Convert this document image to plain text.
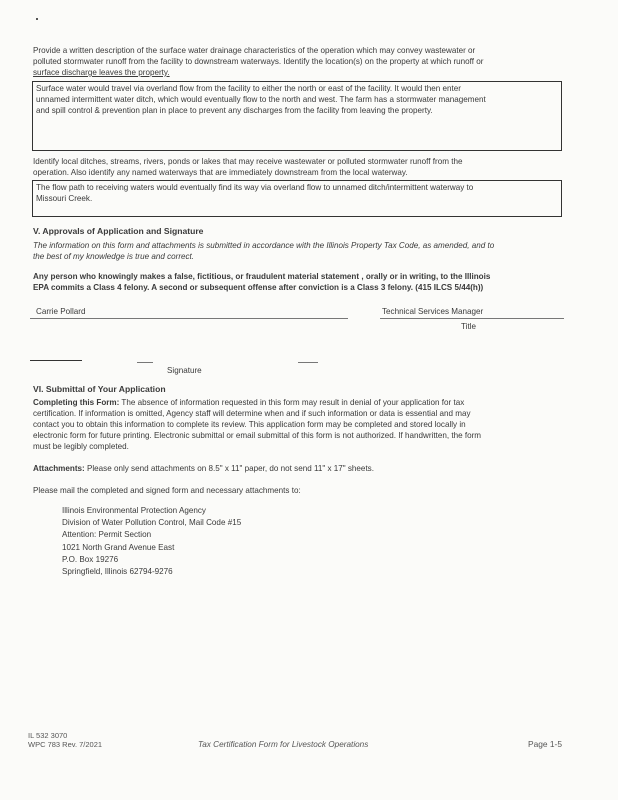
Provide a written description of the surface water drainage characteristics of the operation which may convey wastewater or
polluted stormwater runoff from the facility to downstream waterways. Identify the location(s) on the property at which runoff or
surface discharge leaves the property.
Surface water would travel via overland flow from the facility to either the north or east of the facility. It would then enter
unnamed intermittent water ditch, which would eventually flow to the north and west. The farm has a stormwater management
and spill control & prevention plan in place to prevent any discharges from the facility from leaving the property.
Identify local ditches, streams, rivers, ponds or lakes that may receive wastewater or polluted stormwater runoff from the
operation. Also identify any named waterways that are immediately downstream from the local waterway.
The flow path to receiving waters would eventually find its way via overland flow to unnamed ditch/intermittent waterway to
Missouri Creek.
V. Approvals of Application and Signature
The information on this form and attachments is submitted in accordance with the Illinois Property Tax Code, as amended, and to
the best of my knowledge is true and correct.
Any person who knowingly makes a false, fictitious, or fraudulent material statement , orally or in writing, to the Illinois
EPA commits a Class 4 felony. A second or subsequent offense after conviction is a Class 3 felony. (415 ILCS 5/44(h))
Carrie Pollard	Technical Services Manager
Title
Signature
VI. Submittal of Your Application
Completing this Form: The absence of information requested in this form may result in denial of your application for tax
certification. If information is omitted, Agency staff will determine when and if such information or data is essential and may
contact you to obtain this information to complete its review. This application form may be completed and stored locally in
electronic form for future printing. Electronic submittal or email submittal of this form is not authorized. If handwritten, the form
must be legibly completed.
Attachments: Please only send attachments on 8.5" x 11" paper, do not send 11" x 17" sheets.
Please mail the completed and signed form and necessary attachments to:
Illinois Environmental Protection Agency
Division of Water Pollution Control, Mail Code #15
Attention: Permit Section
1021 North Grand Avenue East
P.O. Box 19276
Springfield, Illinois 62794-9276
IL 532 3070
WPC 783 Rev. 7/2021	Tax Certification Form for Livestock Operations	Page 1-5
